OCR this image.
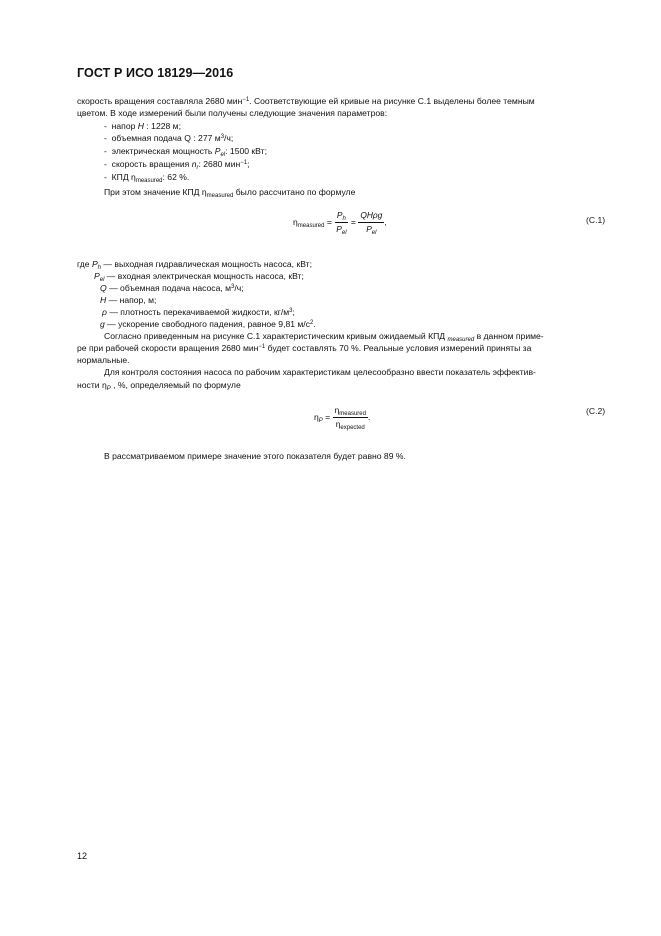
ГОСТ Р ИСО 18129—2016
скорость вращения составляла 2680 мин$^{-1}$. Соответствующие ей кривые на рисунке С.1 выделены более темным
цветом. В ходе измерений были получены следующие значения параметров:
- напор H : 1228 м;
- объемная подача Q : 277 $м^3/ч$;
- электрическая мощность $P_{el}$: 1500 кВт;
- скорость вращения $n_r$: 2680 мин$^{-1}$;
- КПД $\eta_{measured}$: 62 %.
При этом значение КПД $\eta_{measured}$ было рассчитано по формуле
$\eta_{measured} = \frac{P_h}{P_{el}} = \frac{\text{QHρg}}{P_{el}}$ ,	(С.1)
где $P_h$ — выходная гидравлическая мощность насоса, кВт;
$P_{el}$ — входная электрическая мощность насоса, кВт;
Q — объемная подача насоса, $м^3/ч$;
H — напор, м;
ρ — плотность перекачиваемой жидкости, $кг/м^3$;
g — ускорение свободного падения, равное 9,81 $м/с^2$.
Согласно приведенным на рисунке С.1 характеристическим кривым ожидаемый КПД $_{measured}$ в данном приме-
ре при рабочей скорости вращения 2680 мин$^{-1}$ будет составлять 70 %. Реальные условия измерений приняты за
нормальные.
Для контроля состояния насоса по рабочим характеристикам целесообразно ввести показатель эффектив-
ности $\eta_P$ , %, определяемый по формуле
$\eta_P = \frac{\eta_{measured}}{\eta_{expected}}$ .
(С.2)
В рассматриваемом примере значение этого показателя будет равно 89 %.
12
